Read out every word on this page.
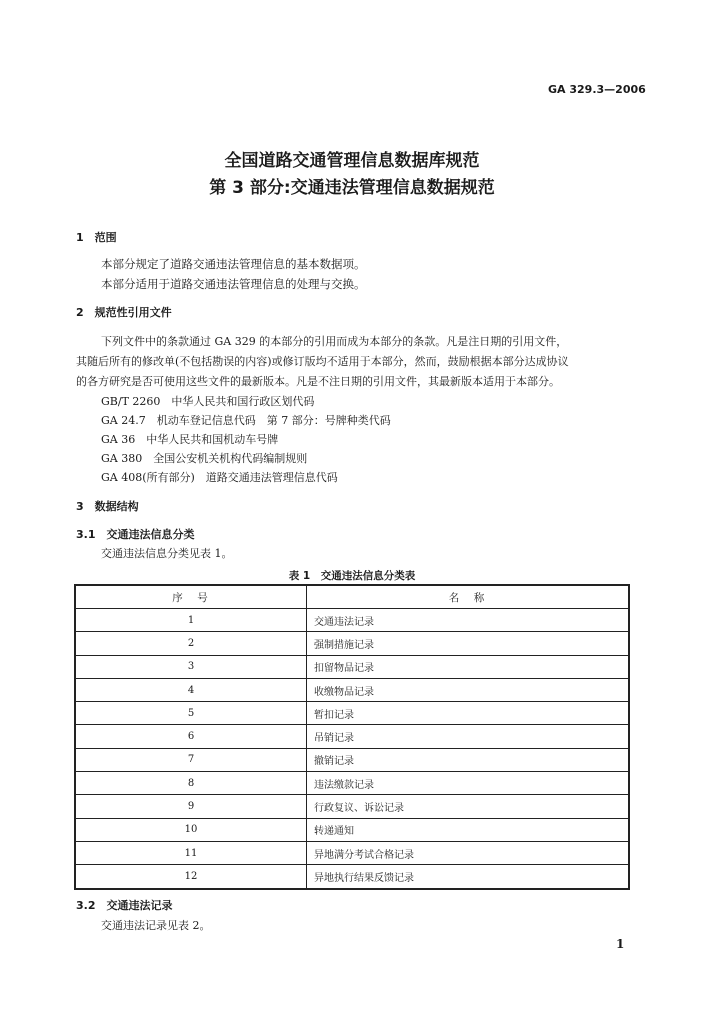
GA 329.3—2006
全国道路交通管理信息数据库规范
第 3 部分:交通违法管理信息数据规范
1　范围
本部分规定了道路交通违法管理信息的基本数据项。
本部分适用于道路交通违法管理信息的处理与交换。
2　规范性引用文件
下列文件中的条款通过 GA 329 的本部分的引用而成为本部分的条款。凡是注日期的引用文件，
其随后所有的修改单(不包括勘误的内容)或修订版均不适用于本部分，然而，鼓励根据本部分达成协议
的各方研究是否可使用这些文件的最新版本。凡是不注日期的引用文件，其最新版本适用于本部分。
GB/T 2260　中华人民共和国行政区划代码
GA 24.7　机动车登记信息代码　第 7 部分：号牌种类代码
GA 36　中华人民共和国机动车号牌
GA 380　全国公安机关机构代码编制规则
GA 408(所有部分)　道路交通违法管理信息代码
3　数据结构
3.1　交通违法信息分类
交通违法信息分类见表 1。
表 1　交通违法信息分类表
序　号	名　称
1	交通违法记录
2	强制措施记录
3	扣留物品记录
4	收缴物品记录
5	暂扣记录
6	吊销记录
7	撤销记录
8	违法缴款记录
9	行政复议、诉讼记录
10	转递通知
11	异地满分考试合格记录
12	异地执行结果反馈记录
3.2　交通违法记录
交通违法记录见表 2。
1
